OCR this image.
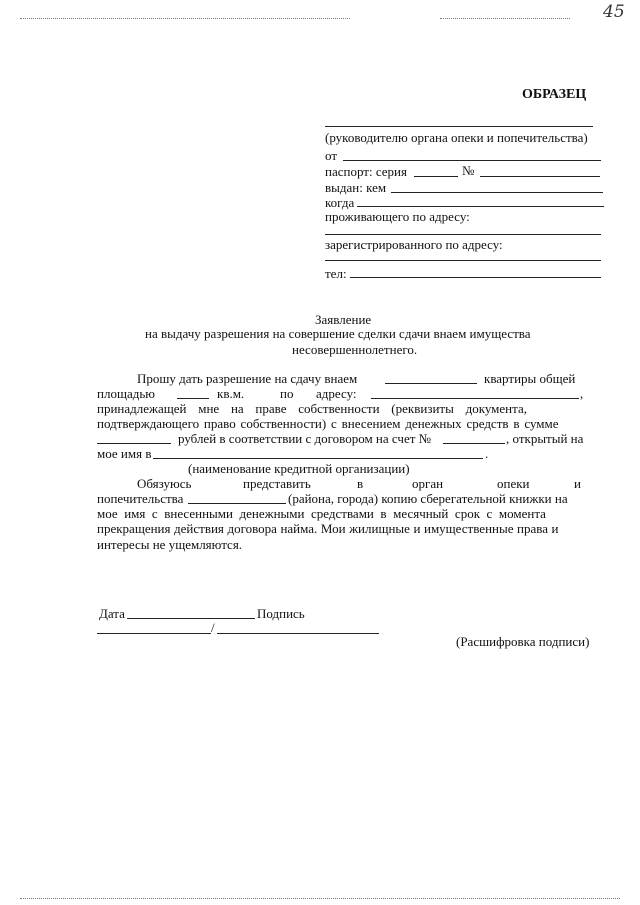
45
ОБРАЗЕЦ
(руководителю органа опеки и попечительства)
от
паспорт: серия	№
выдан: кем
когда
проживающего по адресу:
зарегистрированного по адресу:
тел:
Заявление
на выдачу разрешения на совершение сделки сдачи внаем имущества
несовершеннолетнего.
Прошу дать разрешение на сдачу внаем	квартиры общей
площадью	кв.м.	по адресу:	,
принадлежащей мне на праве собственности (реквизиты документа,
подтверждающего право собственности) с внесением денежных средств в сумме
рублей в соответствии с договором на счет №	, открытый на
мое имя в	.
(наименование кредитной организации)
Обязуюсь	представить	в	орган	опеки	и
попечительства	(района, города) копию сберегательной книжки на
мое имя с внесенными денежными средствами в месячный срок с момента
прекращения действия договора найма. Мои жилищные и имущественные права и
интересы не ущемляются.
Дата	Подпись
/
(Расшифровка подписи)
